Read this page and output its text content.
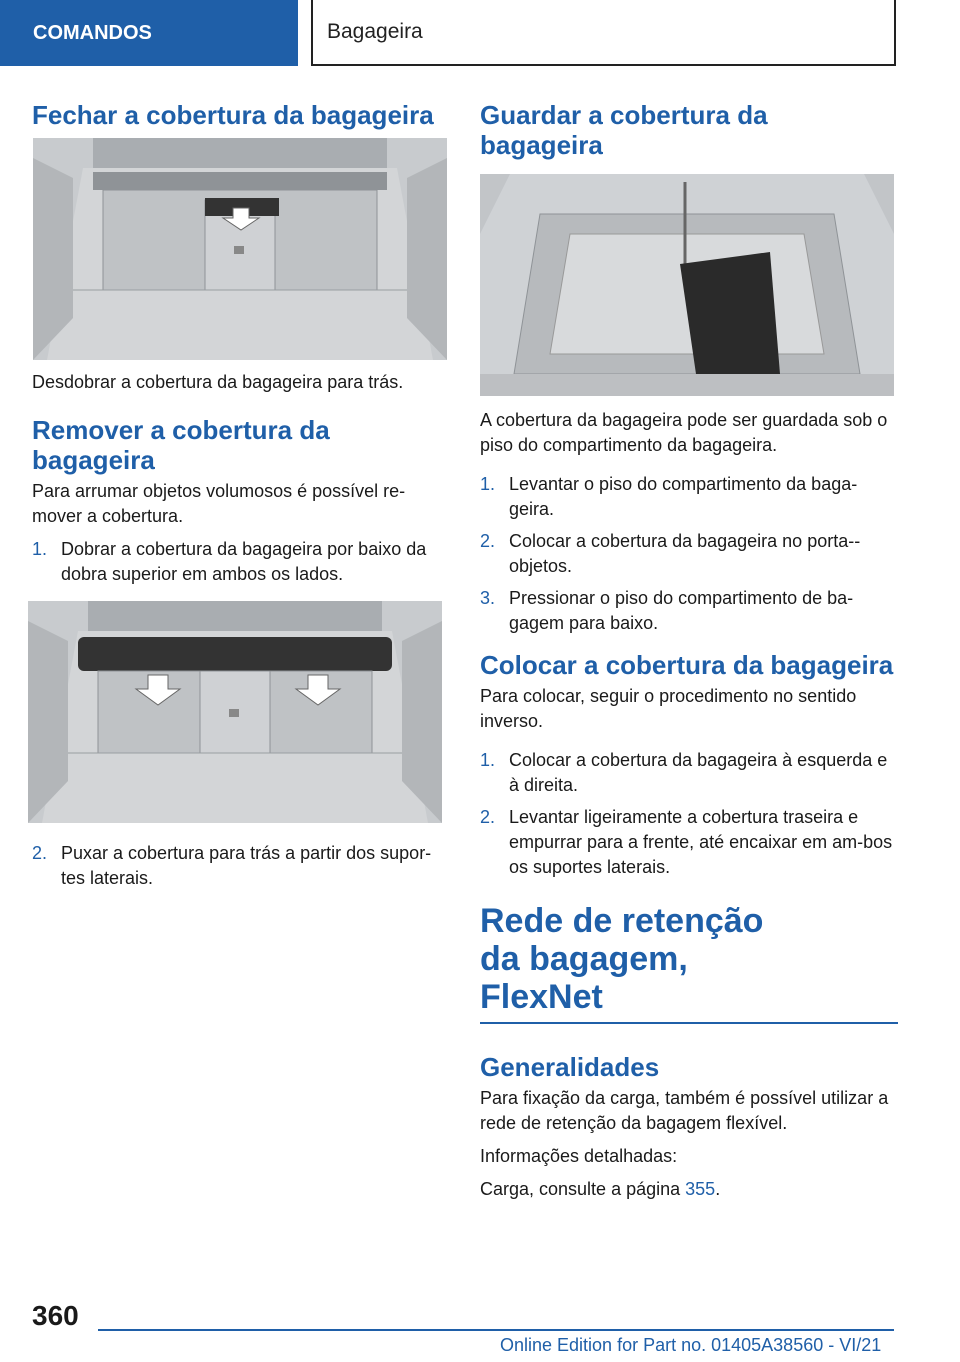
COMANDOS	Bagageira
Fechar a cobertura da bagageira

Desdobrar a cobertura da bagageira para trás.

Remover a cobertura da bagageira

Para arrumar objetos volumosos é possível re-mover a cobertura.

1. Dobrar a cobertura da bagageira por baixo da dobra superior em ambos os lados.
2. Puxar a cobertura para trás a partir dos supor-tes laterais.
Guardar a cobertura da bagageira

A cobertura da bagageira pode ser guardada sob o piso do compartimento da bagageira.

1. Levantar o piso do compartimento da baga-geira.
2. Colocar a cobertura da bagageira no porta--objetos.
3. Pressionar o piso do compartimento de ba-gagem para baixo.
Colocar a cobertura da bagageira

Para colocar, seguir o procedimento no sentido inverso.

1. Colocar a cobertura da bagageira à esquerda e à direita.
2. Levantar ligeiramente a cobertura traseira e empurrar para a frente, até encaixar em am-bos os suportes laterais.
Rede de retenção da bagagem, FlexNet
Generalidades

Para fixação da carga, também é possível utilizar a rede de retenção da bagagem flexível.

Informações detalhadas:

Carga, consulte a página 355.

360
Online Edition for Part no. 01405A38560 - VI/21
